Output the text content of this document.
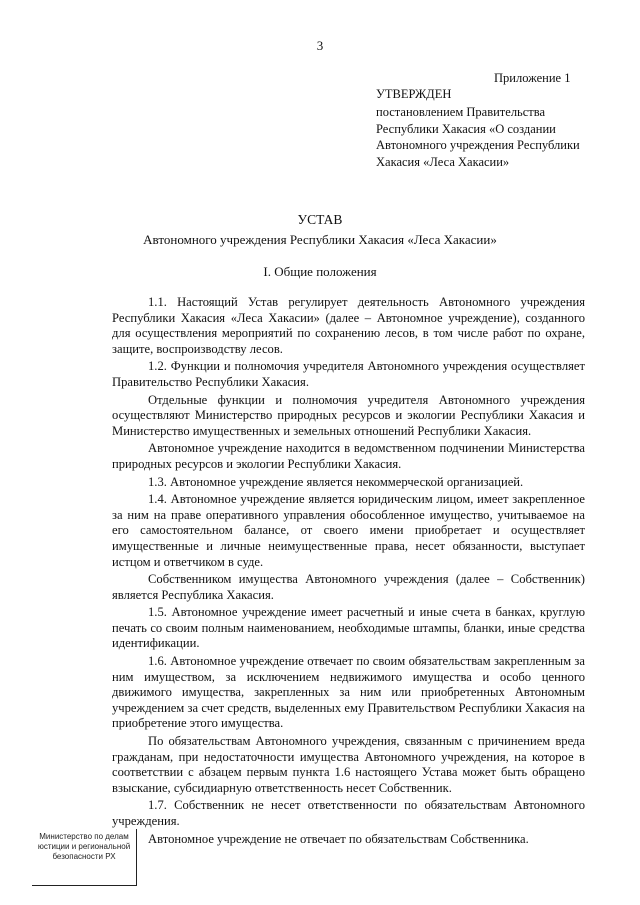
3
Приложение 1
УТВЕРЖДЕН
постановлением Правительства Республики Хакасия «О создании Автономного учреждения Республики Хакасия «Леса Хакасии»
УСТАВ
Автономного учреждения Республики Хакасия «Леса Хакасии»
I. Общие положения

1.1. Настоящий Устав регулирует деятельность Автономного учреждения Республики Хакасия «Леса Хакасии» (далее – Автономное учреждение), созданного для осуществления мероприятий по сохранению лесов, в том числе работ по охране, защите, воспроизводству лесов.

1.2. Функции и полномочия учредителя Автономного учреждения осуществляет Правительство Республики Хакасия.

Отдельные функции и полномочия учредителя Автономного учреждения осуществляют Министерство природных ресурсов и экологии Республики Хакасия и Министерство имущественных и земельных отношений Республики Хакасия.

Автономное учреждение находится в ведомственном подчинении Министерства природных ресурсов и экологии Республики Хакасия.

1.3. Автономное учреждение является некоммерческой организацией.

1.4. Автономное учреждение является юридическим лицом, имеет закрепленное за ним на праве оперативного управления обособленное имущество, учитываемое на его самостоятельном балансе, от своего имени приобретает и осуществляет имущественные и личные неимущественные права, несет обязанности, выступает истцом и ответчиком в суде.

Собственником имущества Автономного учреждения (далее – Собственник) является Республика Хакасия.

1.5. Автономное учреждение имеет расчетный и иные счета в банках, круглую печать со своим полным наименованием, необходимые штампы, бланки, иные средства идентификации.

1.6. Автономное учреждение отвечает по своим обязательствам закрепленным за ним имуществом, за исключением недвижимого имущества и особо ценного движимого имущества, закрепленных за ним или приобретенных Автономным учреждением за счет средств, выделенных ему Правительством Республики Хакасия на приобретение этого имущества.

По обязательствам Автономного учреждения, связанным с причинением вреда гражданам, при недостаточности имущества Автономного учреждения, на которое в соответствии с абзацем первым пункта 1.6 настоящего Устава может быть обращено взыскание, субсидиарную ответственность несет Собственник.

1.7. Собственник не несет ответственности по обязательствам Автономного учреждения.

Автономное учреждение не отвечает по обязательствам Собственника.

Министерство по делам
юстиции и региональной
безопасности РХ
